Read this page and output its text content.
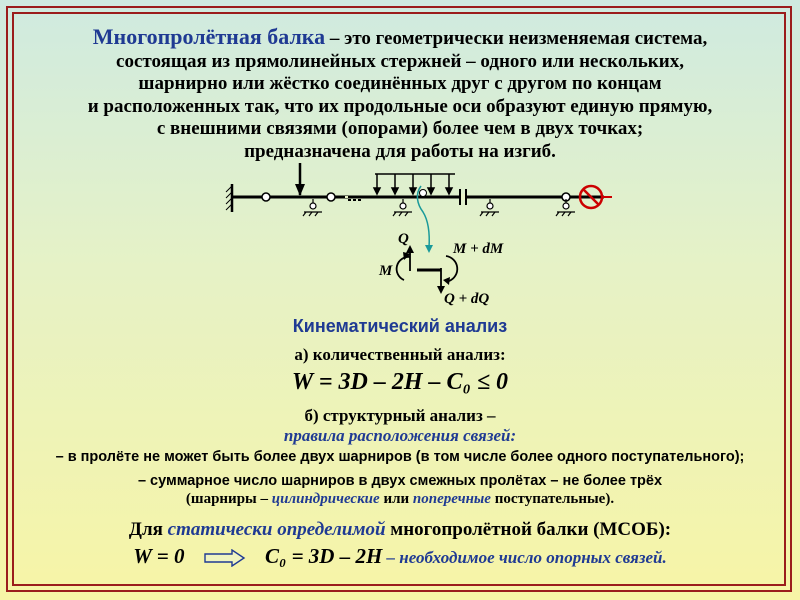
Многопролётная балка – это геометрически неизменяемая система,
состоящая из прямолинейных стержней – одного или нескольких,
шарнирно или жёстко соединённых друг с другом по концам
и расположенных так, что их продольные оси образуют единую прямую,
с внешними связями (опорами) более чем в двух точках;
предназначена для работы на изгиб.
Q
M
M + dM
Q + dQ
Кинематический анализ
а) количественный анализ:
W = 3D – 2H – C₀ ≤ 0
б) структурный анализ –
правила расположения связей:
– в пролёте не может быть более двух шарниров (в том числе более одного поступательного);
– суммарное число шарниров в двух смежных пролётах – не более трёх
(шарниры – цилиндрические или поперечные поступательные).
Для статически определимой многопролётной балки (МСОБ):
W = 0	C₀ = 3D – 2H – необходимое число опорных связей.
